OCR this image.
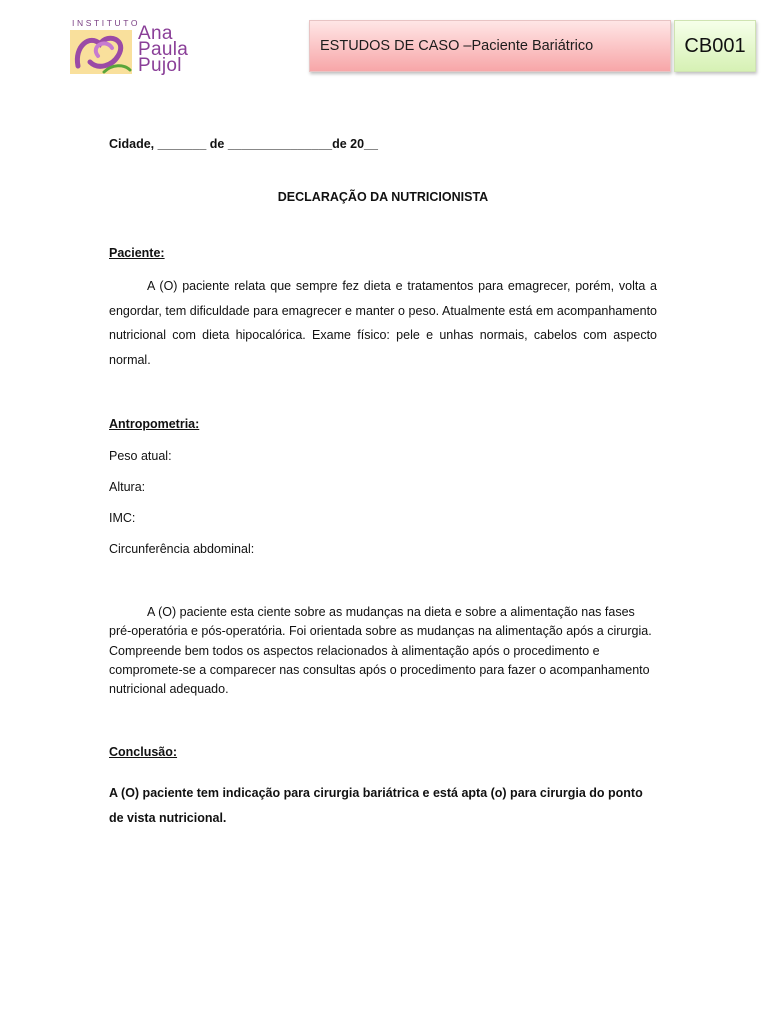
INSTITUTO
Ana
Paula
Pujol
ESTUDOS DE CASO – Paciente Bariátrico	CB001

Cidade, _______ de _______________de 20__

DECLARAÇÃO DA NUTRICIONISTA

Paciente:

A (O) paciente relata que sempre fez dieta e tratamentos para emagrecer, porém, volta a engordar, tem dificuldade para emagrecer e manter o peso. Atualmente está em acompanhamento nutricional com dieta hipocalórica. Exame físico: pele e unhas normais, cabelos com aspecto normal.

Antropometria:

Peso atual:

Altura:

IMC:

Circunferência abdominal:

A (O) paciente esta ciente sobre as mudanças na dieta e sobre a alimentação nas fases pré-operatória e pós-operatória. Foi orientada sobre as mudanças na alimentação após a cirurgia. Compreende bem todos os aspectos relacionados à alimentação após o procedimento e compromete-se a comparecer nas consultas após o procedimento para fazer o acompanhamento nutricional adequado.

Conclusão:

A (O) paciente tem indicação para cirurgia bariátrica e está apta (o) para cirurgia do ponto de vista nutricional.
